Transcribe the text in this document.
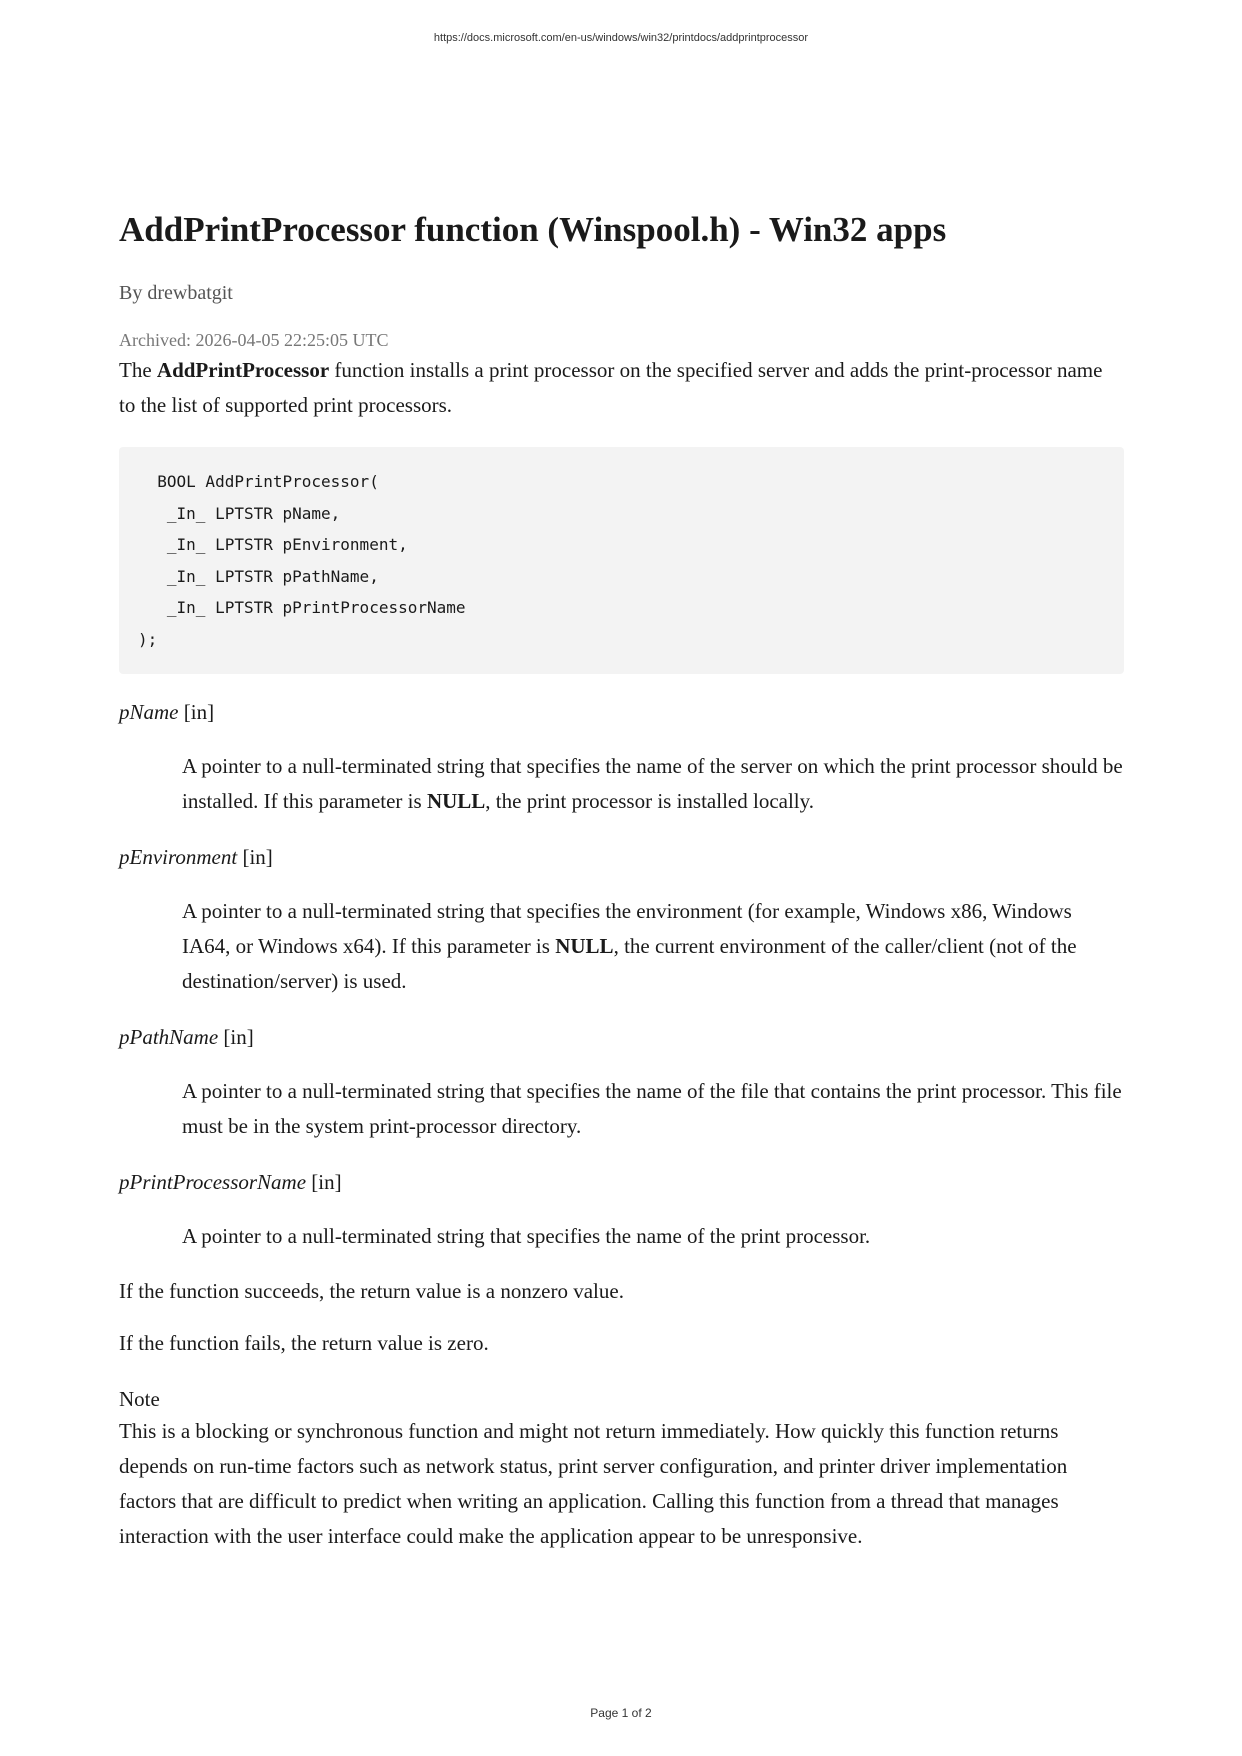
https://docs.microsoft.com/en-us/windows/win32/printdocs/addprintprocessor
AddPrintProcessor function (Winspool.h) - Win32 apps
By drewbatgit
Archived: 2026-04-05 22:25:05 UTC

The AddPrintProcessor function installs a print processor on the specified server and adds the print-processor name to the list of supported print processors.

BOOL AddPrintProcessor(
_In_ LPTSTR pName,
_In_ LPTSTR pEnvironment,
_In_ LPTSTR pPathName,
_In_ LPTSTR pPrintProcessorName
);
pName [in]
A pointer to a null-terminated string that specifies the name of the server on which the print processor should be installed. If this parameter is NULL, the print processor is installed locally.
pEnvironment [in]
A pointer to a null-terminated string that specifies the environment (for example, Windows x86, Windows IA64, or Windows x64). If this parameter is NULL, the current environment of the caller/client (not of the destination/server) is used.
pPathName [in]
A pointer to a null-terminated string that specifies the name of the file that contains the print processor. This file must be in the system print-processor directory.
pPrintProcessorName [in]
A pointer to a null-terminated string that specifies the name of the print processor.
If the function succeeds, the return value is a nonzero value.
If the function fails, the return value is zero.
Note

This is a blocking or synchronous function and might not return immediately. How quickly this function returns depends on run-time factors such as network status, print server configuration, and printer driver implementation factors that are difficult to predict when writing an application. Calling this function from a thread that manages interaction with the user interface could make the application appear to be unresponsive.

Page 1 of 2
